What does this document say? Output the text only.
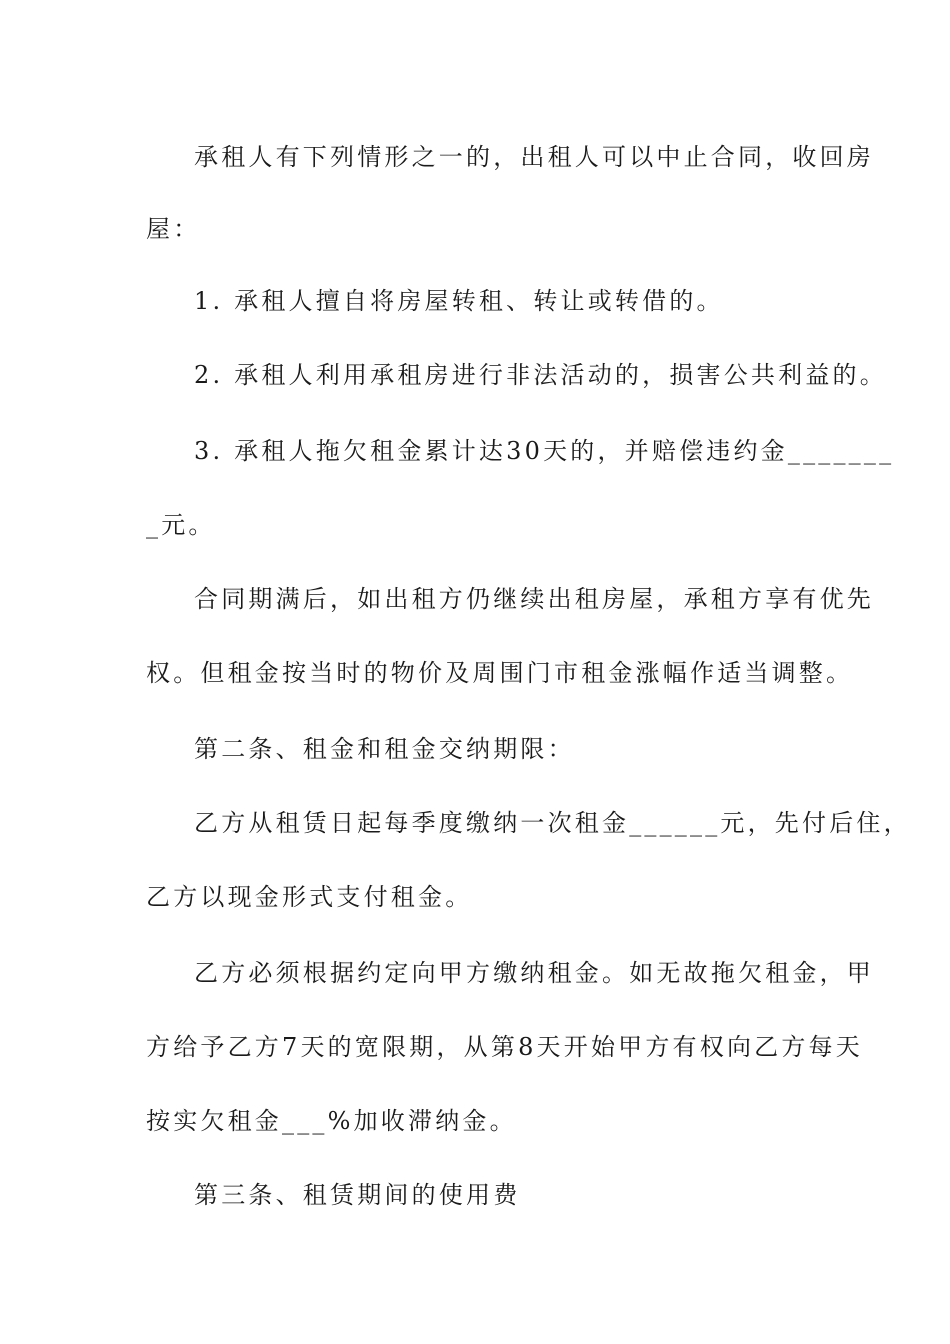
承租人有下列情形之一的，出租人可以中止合同，收回房
屋：
1. 承租人擅自将房屋转租、转让或转借的。
2. 承租人利用承租房进行非法活动的，损害公共利益的。
3. 承租人拖欠租金累计达30天的，并赔偿违约金_______
_元。
合同期满后，如出租方仍继续出租房屋，承租方享有优先
权。但租金按当时的物价及周围门市租金涨幅作适当调整。
第二条、租金和租金交纳期限：
乙方从租赁日起每季度缴纳一次租金______元，先付后住，
乙方以现金形式支付租金。
乙方必须根据约定向甲方缴纳租金。如无故拖欠租金，甲
方给予乙方7天的宽限期，从第8天开始甲方有权向乙方每天
按实欠租金___%加收滞纳金。
第三条、租赁期间的使用费
